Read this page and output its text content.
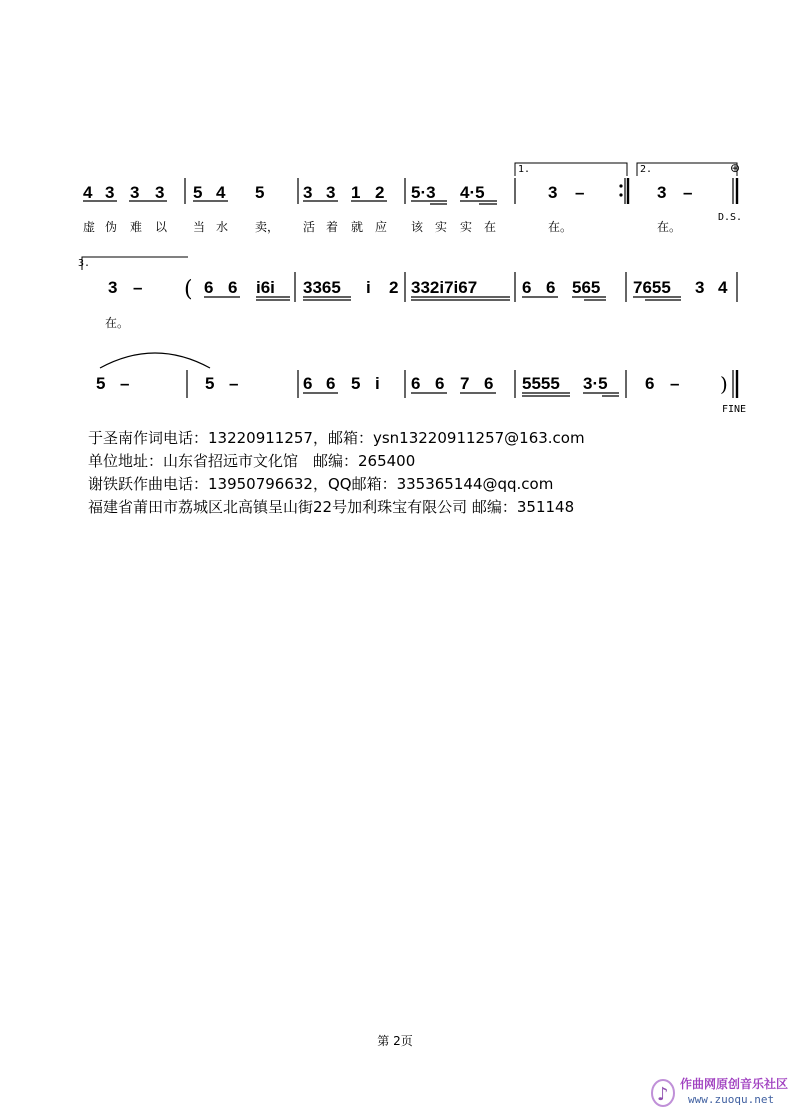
4 3 3 3 5 4 5 3 3 1 2 5·3 4·5
1.
3 –
2.
3 –
⊕
D.S.
虚 伪 难 以 当 水 卖， 活 着 就 应 该 实 实 在	在。	在。
3.
3 – ( 6 6 i6i 3365 i 2 332i7i67	6 6 565 7655 3 4
在。
5 –	5 –	6 6 5 i 6 6 7 6 5555 3·5 6 – )
FINE
于圣南作词电话：13220911257，邮箱：ysn13220911257@163.com
单位地址：山东省招远市文化馆　邮编：265400
谢铁跃作曲电话：13950796632，QQ邮箱：335365144@qq.com
福建省莆田市荔城区北高镇呈山街22号加利珠宝有限公司 邮编：351148
第 2页
♪ 作曲网原创音乐社区
www.zuoqu.net
